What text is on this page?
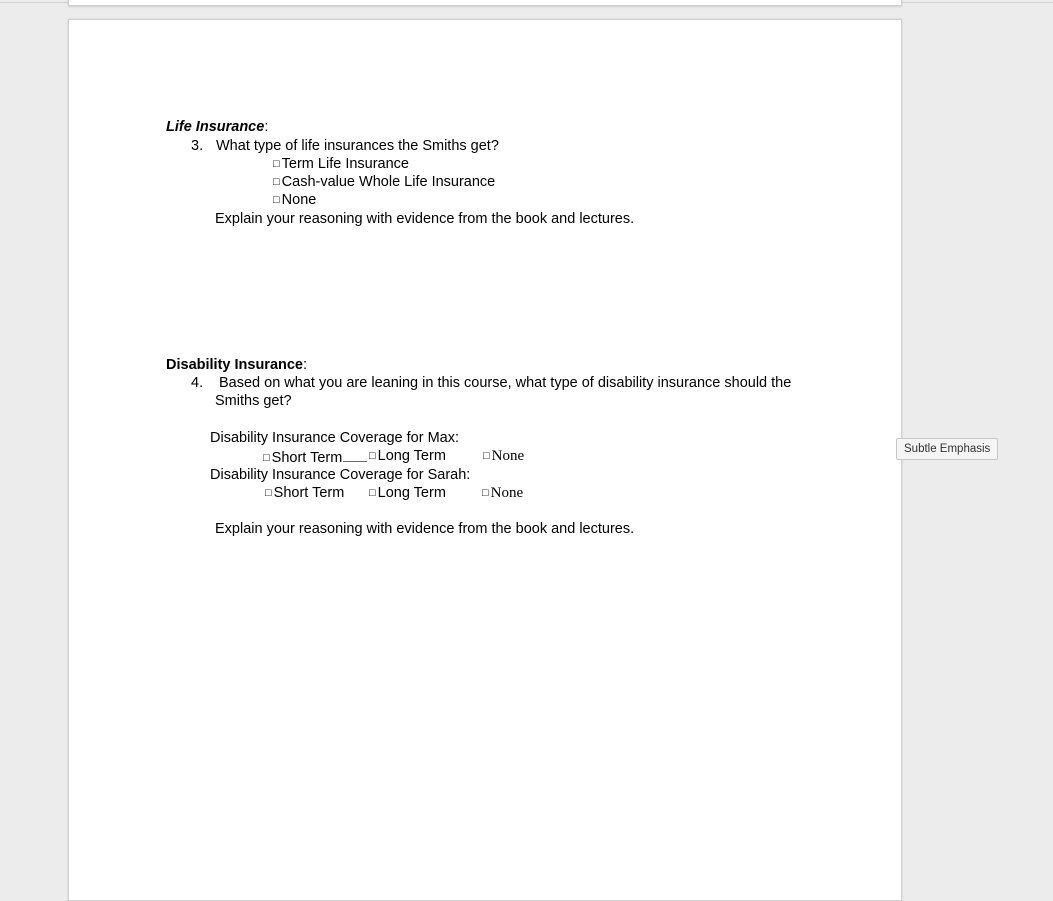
Life Insurance:
3. What type of life insurances the Smiths get?
□ Term Life Insurance
□ Cash-value Whole Life Insurance
□ None
Explain your reasoning with evidence from the book and lectures.
Disability Insurance:
4. Based on what you are leaning in this course, what type of disability insurance should the
Smiths get?
Disability Insurance Coverage for Max:
□ Short Term	□ Long Term	□ None
Disability Insurance Coverage for Sarah:
□ Short Term □ Long Term	□ None
Explain your reasoning with evidence from the book and lectures.
Subtle Emphasis
